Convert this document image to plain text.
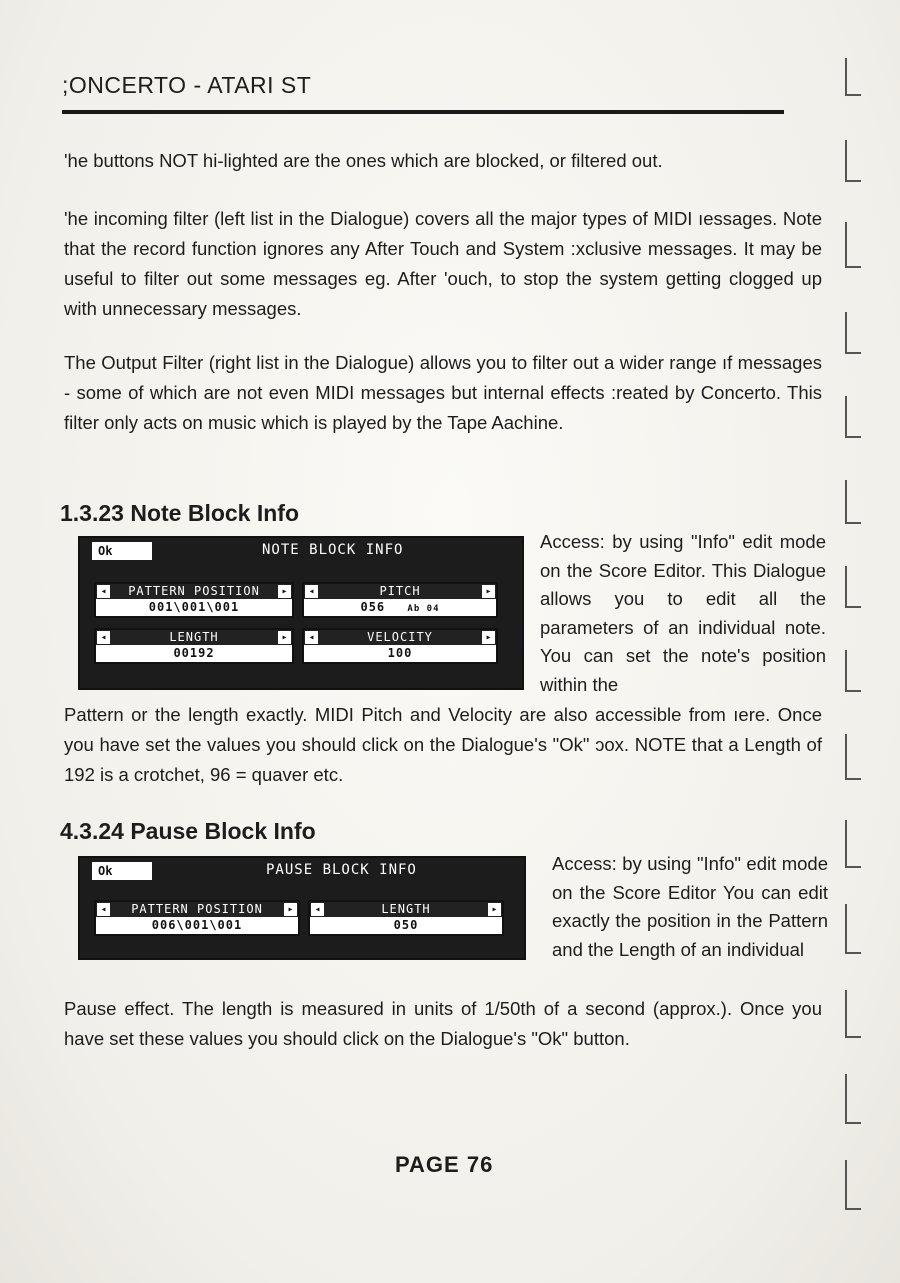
;ONCERTO - ATARI ST

'he buttons NOT hi-lighted are the ones which are blocked, or filtered out.

'he incoming filter (left list in the Dialogue) covers all the major types of MIDI ıessages. Note that the record function ignores any After Touch and System :xclusive messages. It may be useful to filter out some messages eg. After 'ouch, to stop the system getting clogged up with unnecessary messages.

The Output Filter (right list in the Dialogue) allows you to filter out a wider range ıf messages - some of which are not even MIDI messages but internal effects :reated by Concerto. This filter only acts on music which is played by the Tape Aachine.

1.3.23 Note Block Info
Ok	NOTE BLOCK INFO
PATTERN POSITION
◂	▸
001\001\001
PITCH
◂	▸
056 Ab 04
LENGTH
◂	▸
00192
VELOCITY
◂	▸
100

Access: by using "Info" edit mode on the Score Editor. This Dialogue allows you to edit all the parameters of an individual note. You can set the note's position within the

Pattern or the length exactly. MIDI Pitch and Velocity are also accessible from ıere. Once you have set the values you should click on the Dialogue's "Ok" ɔox. NOTE that a Length of 192 is a crotchet, 96 = quaver etc.

4.3.24 Pause Block Info
Ok	PAUSE BLOCK INFO
PATTERN POSITION
◂	▸
006\001\001
LENGTH
◂	▸
050

Access: by using "Info" edit mode on the Score Editor You can edit exactly the position in the Pattern and the Length of an individual

Pause effect. The length is measured in units of 1/50th of a second (approx.). Once you have set these values you should click on the Dialogue's "Ok" button.

PAGE 76
